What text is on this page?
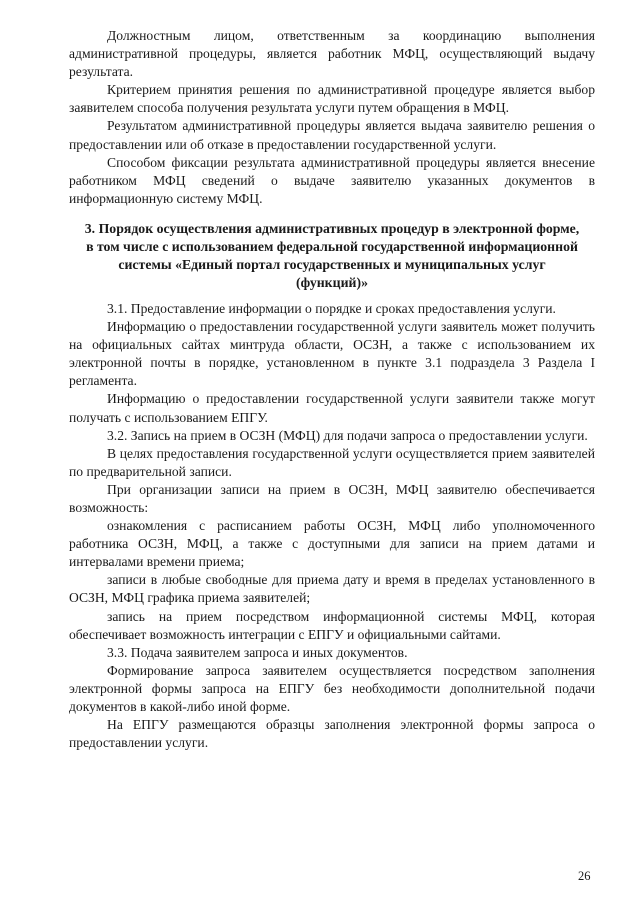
Должностным лицом, ответственным за координацию выполнения административной процедуры, является работник МФЦ, осуществляющий выдачу результата.

Критерием принятия решения по административной процедуре является выбор заявителем способа получения результата услуги путем обращения в МФЦ.

Результатом административной процедуры является выдача заявителю решения о предоставлении или об отказе в предоставлении государственной услуги.

Способом фиксации результата административной процедуры является внесение работником МФЦ сведений о выдаче заявителю указанных документов в информационную систему МФЦ.

3. Порядок осуществления административных процедур в электронной форме, в том числе с использованием федеральной государственной информационной системы «Единый портал государственных и муниципальных услуг (функций)»

3.1. Предоставление информации о порядке и сроках предоставления услуги.

Информацию о предоставлении государственной услуги заявитель может получить на официальных сайтах минтруда области, ОСЗН, а также с использованием их электронной почты в порядке, установленном в пункте 3.1 подраздела 3 Раздела I регламента.

Информацию о предоставлении государственной услуги заявители также могут получать с использованием ЕПГУ.

3.2. Запись на прием в ОСЗН (МФЦ) для подачи запроса о предоставлении услуги.

В целях предоставления государственной услуги осуществляется прием заявителей по предварительной записи.

При организации записи на прием в ОСЗН, МФЦ заявителю обеспечивается возможность:

ознакомления с расписанием работы ОСЗН, МФЦ либо уполномоченного работника ОСЗН, МФЦ, а также с доступными для записи на прием датами и интервалами времени приема;

записи в любые свободные для приема дату и время в пределах установленного в ОСЗН, МФЦ графика приема заявителей;

запись на прием посредством информационной системы МФЦ, которая обеспечивает возможность интеграции с ЕПГУ и официальными сайтами.

3.3. Подача заявителем запроса и иных документов.

Формирование запроса заявителем осуществляется посредством заполнения электронной формы запроса на ЕПГУ без необходимости дополнительной подачи документов в какой-либо иной форме.

На ЕПГУ размещаются образцы заполнения электронной формы запроса о предоставлении услуги.

26
